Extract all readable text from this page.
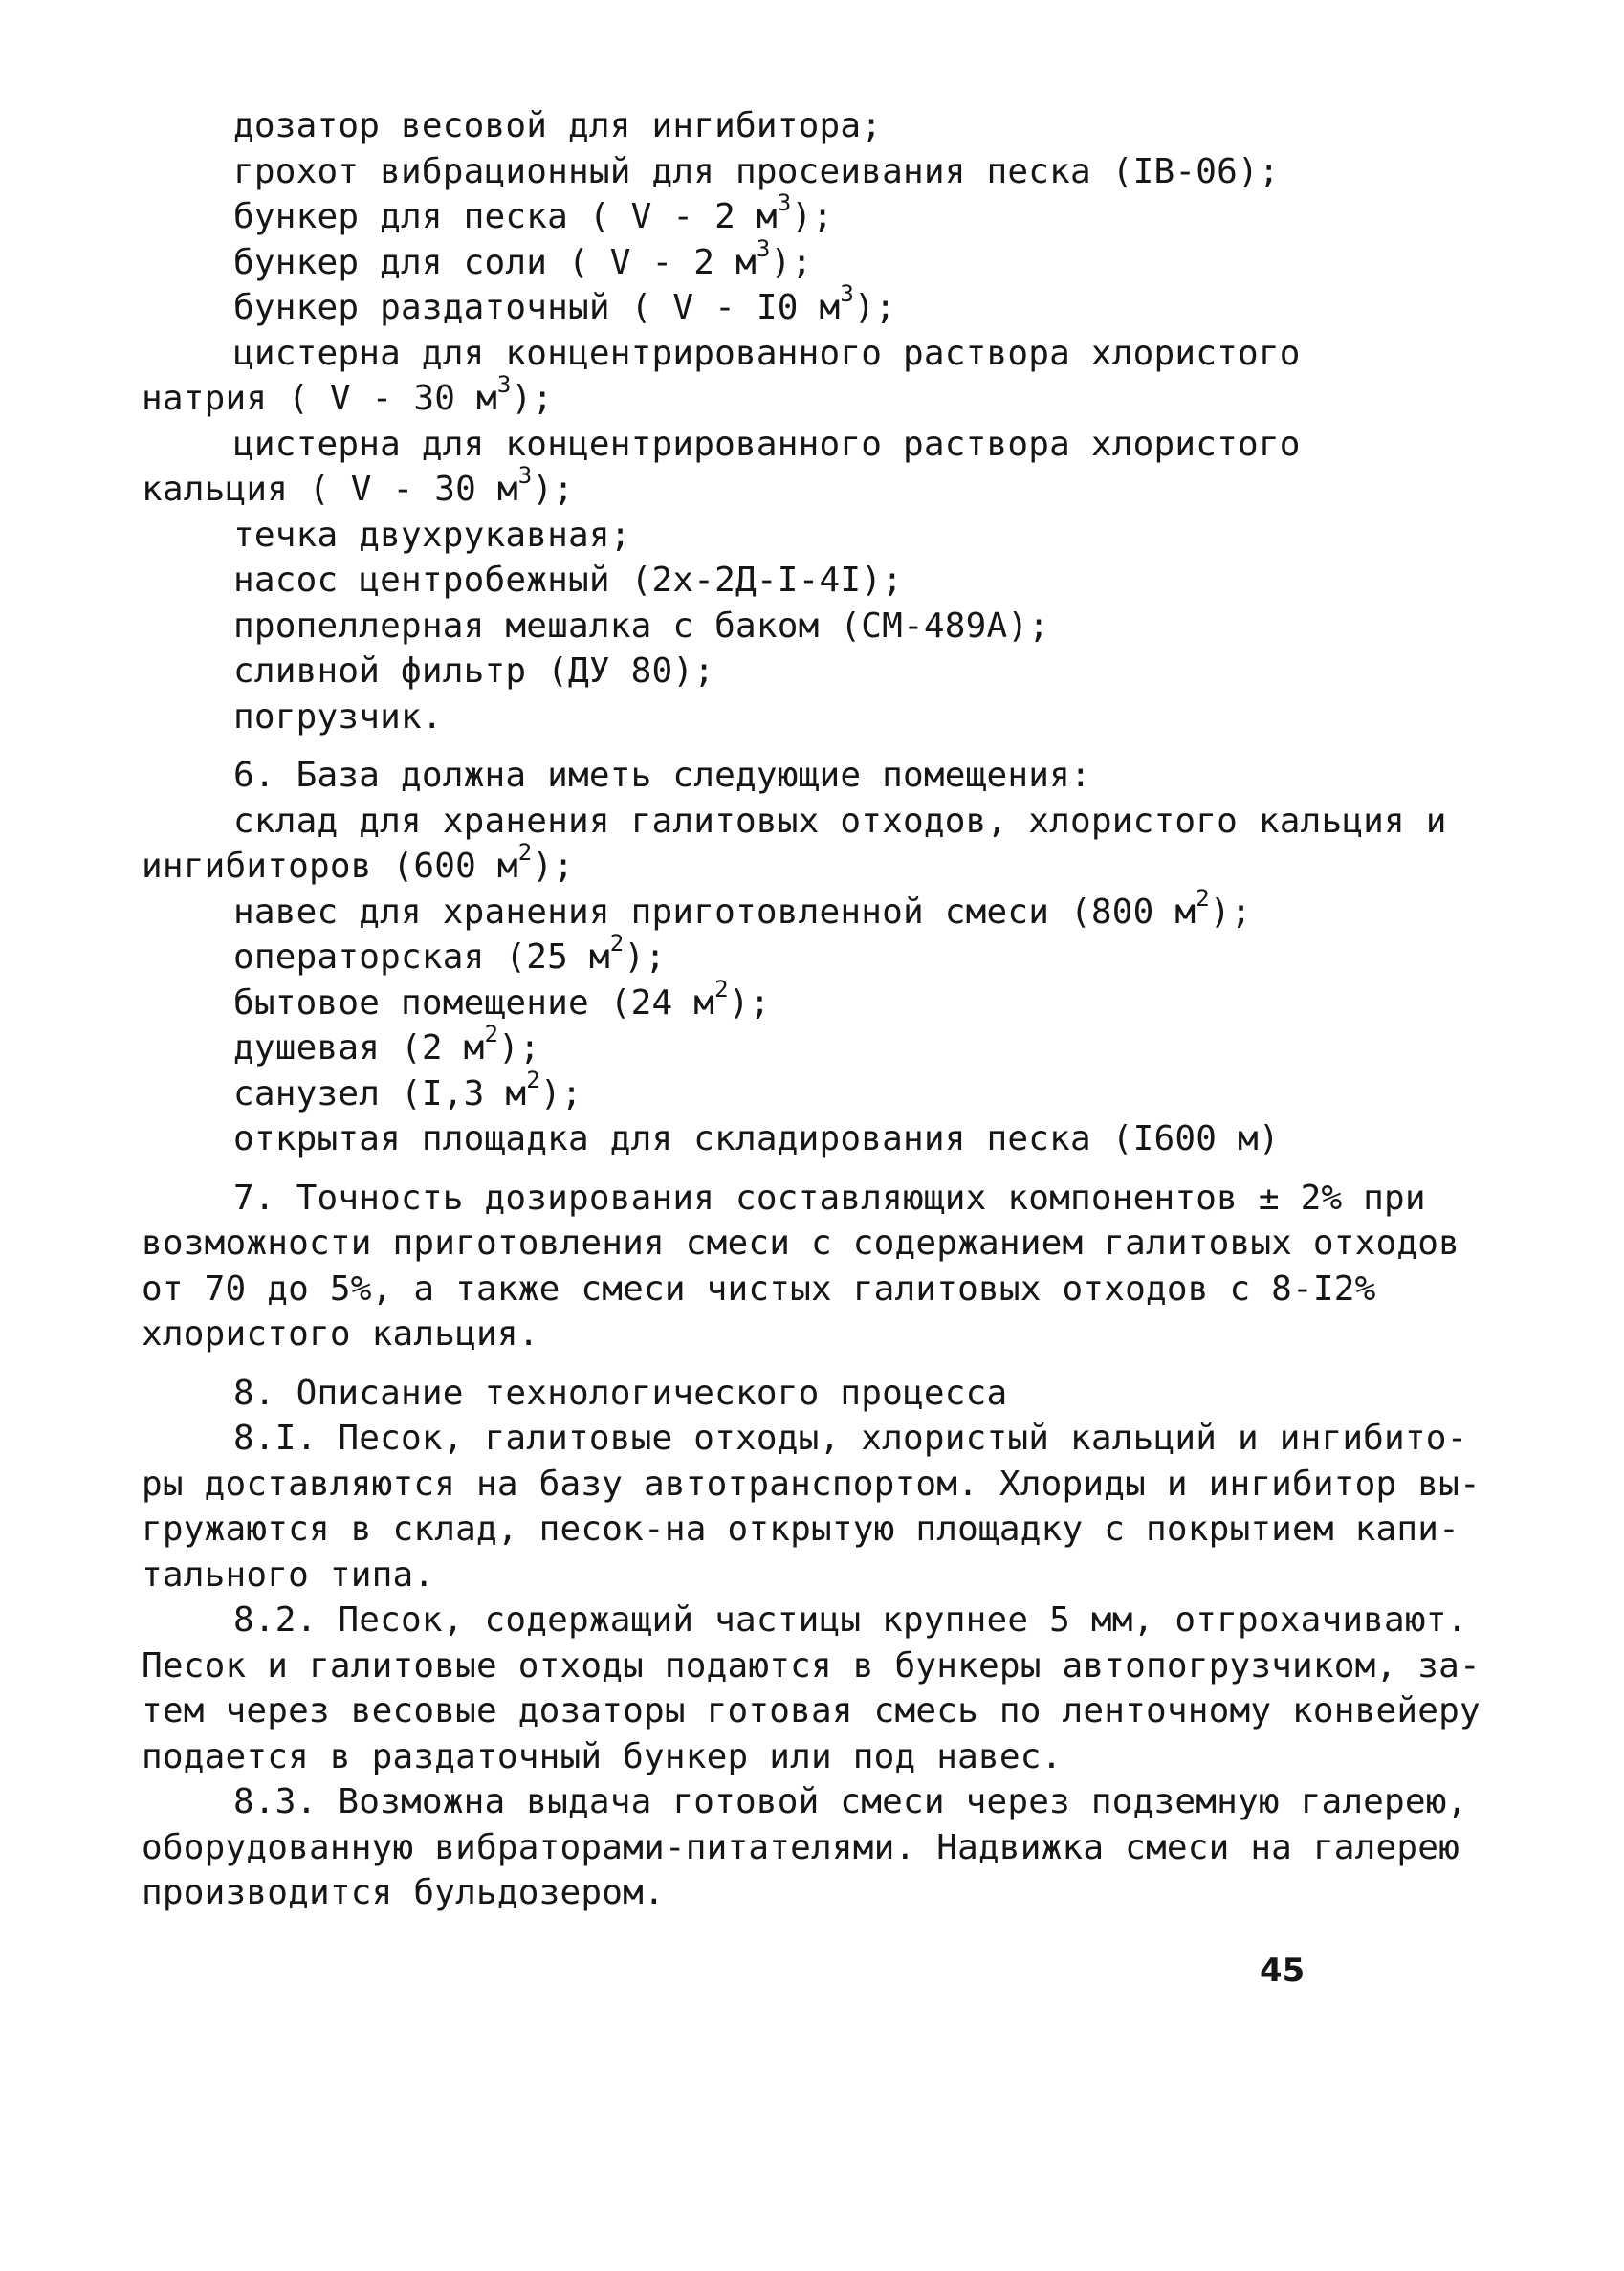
дозатор весовой для ингибитора;
грохот вибрационный для просеивания песка (IB-06);
бункер для песка ( V - 2 $м^3$);
бункер для соли ( V - 2 $м^3$);
бункер раздаточный ( V - I0 $м^3$);
цистерна для концентрированного раствора хлористого
натрия ( V - 30 $м^3$);
цистерна для концентрированного раствора хлористого
кальция ( V - 30 $м^3$);
течка двухрукавная;
насос центробежный (2х-2Д-I-4I);
пропеллерная мешалка с баком (СМ-489А);
сливной фильтр (ДУ 80);
погрузчик.
6. База должна иметь следующие помещения:
склад для хранения галитовых отходов, хлористого кальция и
ингибиторов (600 $м^2$);
навес для хранения приготовленной смеси (800 $м^2$);
операторская (25 $м^2$);
бытовое помещение (24 $м^2$);
душевая (2 $м^2$);
санузел (I,3 $м^2$);
открытая площадка для складирования песка (I600 м)
7. Точность дозирования составляющих компонентов ± 2% при
возможности приготовления смеси с содержанием галитовых отходов
от 70 до 5%, а также смеси чистых галитовых отходов с 8-I2%
хлористого кальция.
8. Описание технологического процесса
8.I. Песок, галитовые отходы, хлористый кальций и ингибито-
ры доставляются на базу автотранспортом. Хлориды и ингибитор вы-
гружаются в склад, песок-на открытую площадку с покрытием капи-
тального типа.
8.2. Песок, содержащий частицы крупнее 5 мм, отгрохачивают.
Песок и галитовые отходы подаются в бункеры автопогрузчиком, за-
тем через весовые дозаторы готовая смесь по ленточному конвейеру
подается в раздаточный бункер или под навес.
8.3. Возможна выдача готовой смеси через подземную галерею,
оборудованную вибраторами-питателями. Надвижка смеси на галерею
производится бульдозером.
45
